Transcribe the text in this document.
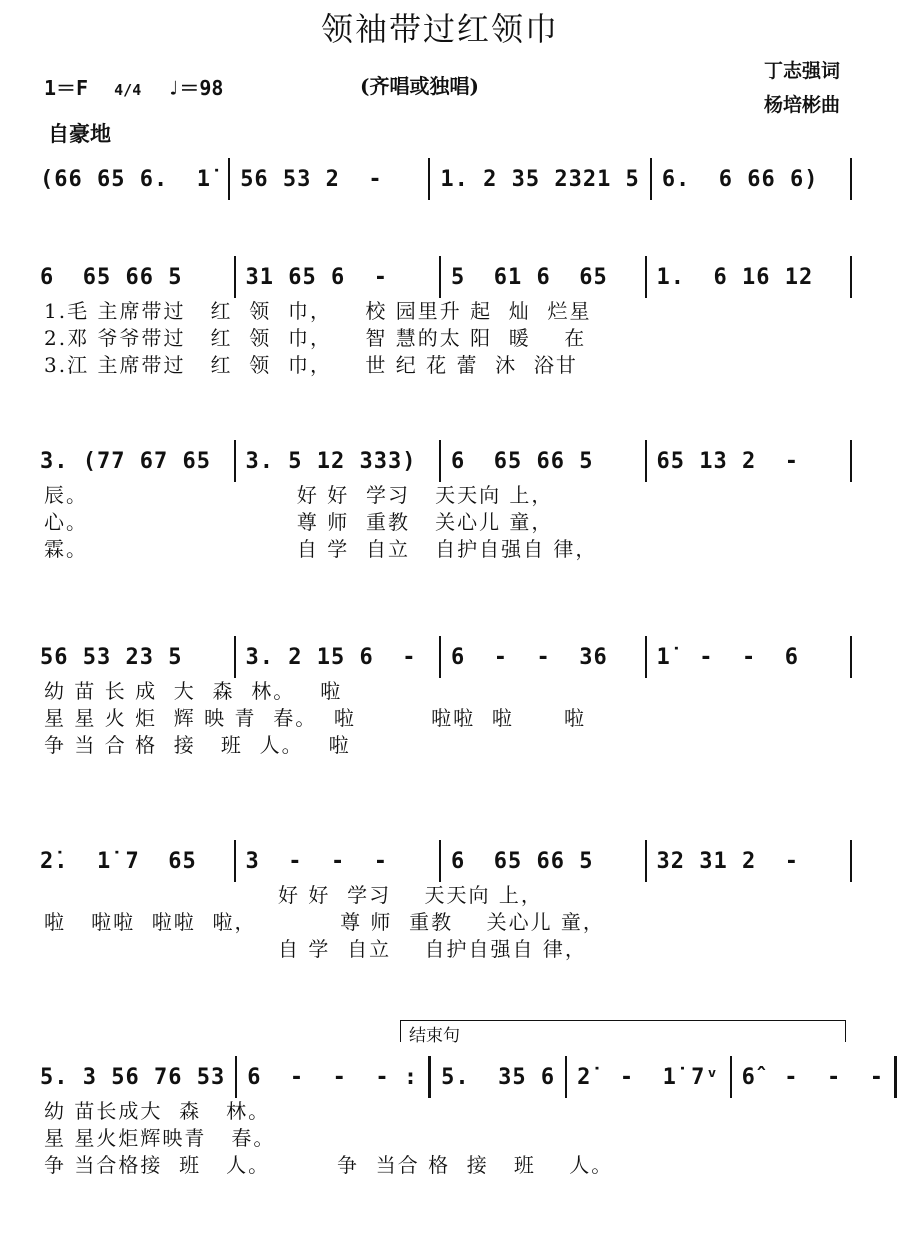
领袖带过红领巾
1＝F 4/4 ♩＝98	(齐唱或独唱)
丁志强词
杨培彬曲
自豪地
(66 65 6.  1̇	56 53 2  -	1. 2 35 2321 5	6.  6 66 6)
6  65 66 5	31 65 6  -	5  61 6  65	1.  6 16 12
1.毛 主席带过   红  领  巾，    校 园里升 起  灿  烂星
2.邓 爷爷带过   红  领  巾，    智 慧的太 阳  暖    在
3.江 主席带过   红  领  巾，    世 纪 花 蕾  沐  浴甘
3. (77 67 65	3. 5 12 333)	6  65 66 5	65 13 2  -
辰。                         好 好  学习   天天向 上，
心。                         尊 师  重教   关心儿 童，
霖。                         自 学  自立   自护自强自 律，
56 53 23 5	3. 2 15 6  -	6  -  -  36	1̇  -  -  6
幼 苗 长 成  大  森  林。   啦
星 星 火 炬  辉 映 青  春。  啦         啦啦  啦      啦
争 当 合 格  接   班  人。   啦
2̇.  1̇ 7  65	3  -  -  -	6  65 66 5	32 31 2  -
好 好  学习    天天向 上，
啦   啦啦  啦啦  啦，          尊 师  重教    关心儿 童，
自 学  自立    自护自强自 律，
结束句
5. 3 56 76 53	6  -  -  - :	5.  35 6	2̇  -  1̇ 7ᵛ	6̂  -  -  -
幼 苗长成大  森   林。
星 星火炬辉映青   春。
争 当合格接  班   人。        争  当合 格  接   班    人。
